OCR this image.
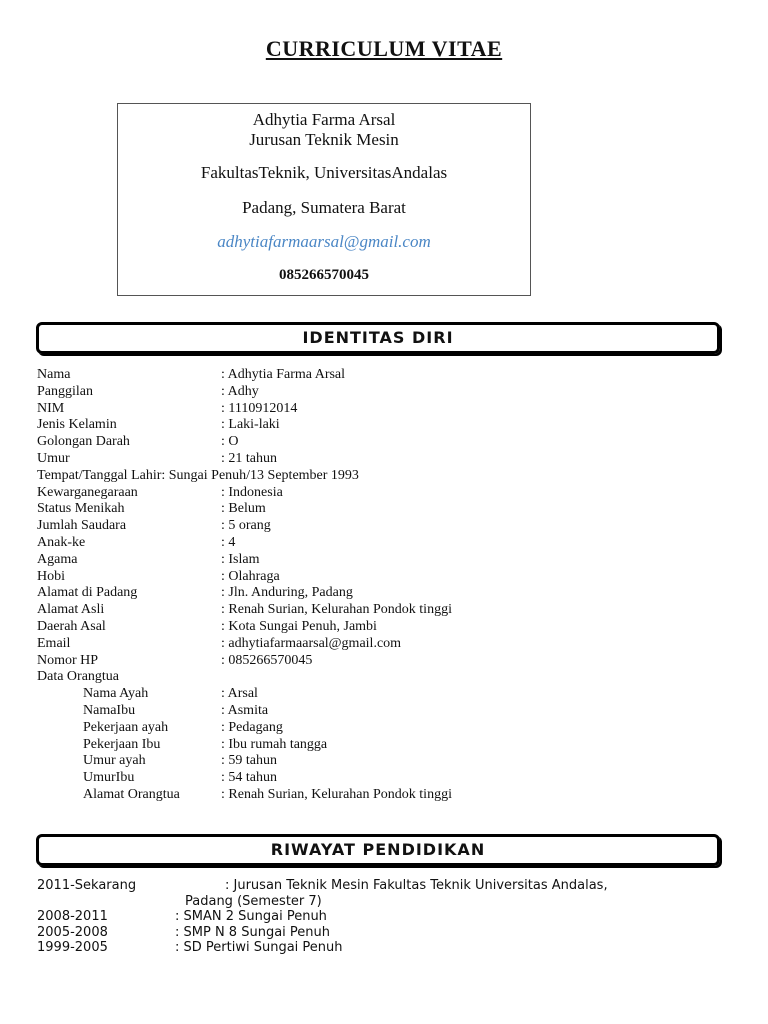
CURRICULUM VITAE
Adhytia Farma Arsal
Jurusan Teknik Mesin
FakultasTeknik, UniversitasAndalas
Padang, Sumatera Barat
adhytiafarmaarsal@gmail.com
085266570045
IDENTITAS DIRI
Nama	: Adhytia Farma Arsal
Panggilan	: Adhy
NIM	: 1110912014
Jenis Kelamin	: Laki-laki
Golongan Darah	: O
Umur	: 21 tahun
Tempat/Tanggal Lahir: Sungai Penuh/13 September 1993
Kewarganegaraan	: Indonesia
Status Menikah	: Belum
Jumlah Saudara	: 5 orang
Anak-ke	: 4
Agama	: Islam
Hobi	: Olahraga
Alamat di Padang	: Jln. Anduring, Padang
Alamat Asli	: Renah Surian, Kelurahan Pondok tinggi
Daerah Asal	: Kota Sungai Penuh, Jambi
Email	: adhytiafarmaarsal@gmail.com
Nomor HP	: 085266570045
Data Orangtua
Nama Ayah	: Arsal
NamaIbu	: Asmita
Pekerjaan ayah	: Pedagang
Pekerjaan Ibu	: Ibu rumah tangga
Umur ayah	: 59 tahun
UmurIbu	: 54 tahun
Alamat Orangtua	: Renah Surian, Kelurahan Pondok tinggi
RIWAYAT PENDIDIKAN
2011-Sekarang	: Jurusan Teknik Mesin Fakultas Teknik Universitas Andalas,
Padang (Semester 7)
2008-2011	: SMAN 2 Sungai Penuh
2005-2008	: SMP N 8 Sungai Penuh
1999-2005	: SD Pertiwi Sungai Penuh
